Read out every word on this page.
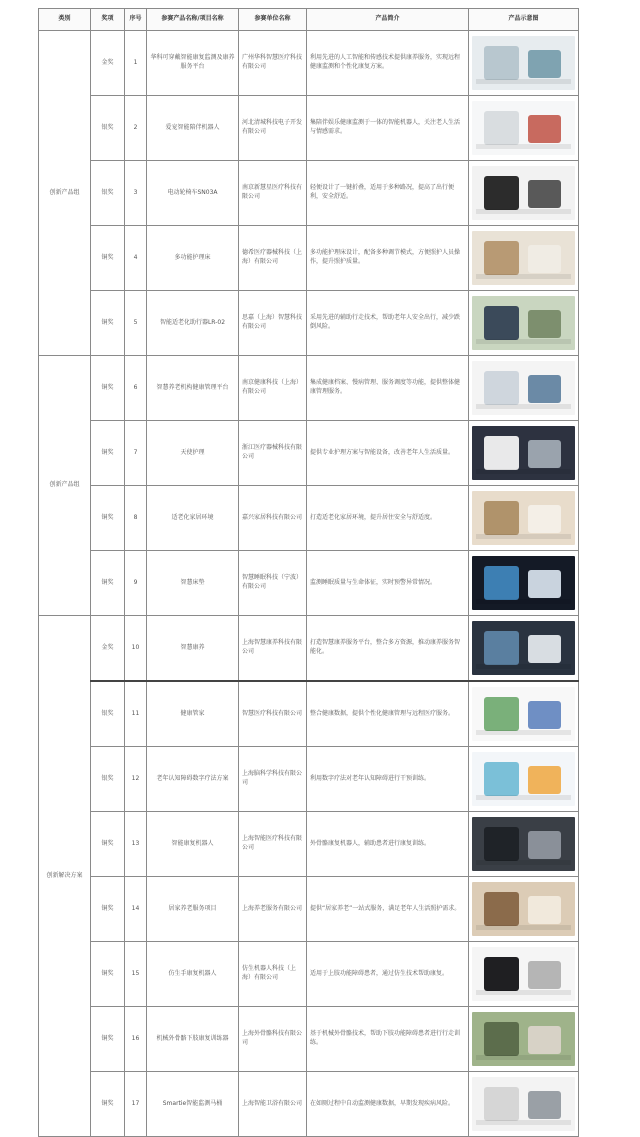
类别	奖项	序号	参赛产品名称/项目名称	参赛单位名称	产品简介	产品示意图
创新产品组	金奖	1	华科可穿戴智能康复监测及康养服务平台	广州华科智慧医疗科技有限公司	利用先进的人工智能和传感技术提供康养服务，实现远程健康监测和个性化康复方案。	

	银奖	2	爱宠智能陪伴机器人	河北清城科技电子开发有限公司	集陪伴娱乐健康监测于一体的智能机器人，关注老人生活与情感需求。	

	银奖	3	电动轮椅车SN03A	南京新慧星医疗科技有限公司	轻便设计了一键折叠，适用于多种路况，提高了出行便利，安全舒适。	

	铜奖	4	多功能护理床	德希医疗器械科技（上海）有限公司	多功能护理床设计，配备多种调节模式，方便照护人员操作，提升照护质量。	

	铜奖	5	智能适老化助行器LR-02	思嘉（上海）智慧科技有限公司	采用先进的辅助行走技术，帮助老年人安全出行，减少跌倒风险。	

创新产品组	铜奖	6	智慧养老机构健康管理平台	南京健康科技（上海）有限公司	集成健康档案、慢病管理、服务调度等功能，提供整体健康管理服务。	

	铜奖	7	天使护理	浙江医疗器械科技有限公司	提供专业护理方案与智能设备，改善老年人生活质量。	

	铜奖	8	适老化家居环境	嘉兴家居科技有限公司	打造适老化家居环境，提升居住安全与舒适度。	

	铜奖	9	智慧床垫	智慧睡眠科技（宁波）有限公司	监测睡眠质量与生命体征，实时预警异常情况。	

创新解决方案	金奖	10	智慧康养	上海智慧康养科技有限公司	打造智慧康养服务平台，整合多方资源，推动康养服务智能化。	

	银奖	11	健康管家	智慧医疗科技有限公司	整合健康数据，提供个性化健康管理与远程医疗服务。	

	银奖	12	老年认知障碍数字疗法方案	上海脑科学科技有限公司	利用数字疗法对老年认知障碍进行干预训练。	

	铜奖	13	智能康复机器人	上海智能医疗科技有限公司	外骨骼康复机器人，辅助患者进行康复训练。	

	铜奖	14	居家养老服务项目	上海养老服务有限公司	提供“居家养老”一站式服务，满足老年人生活照护需求。	

	铜奖	15	仿生手康复机器人	仿生机器人科技（上海）有限公司	适用于上肢功能障碍患者，通过仿生技术帮助康复。	

	铜奖	16	机械外骨骼下肢康复训练器	上海外骨骼科技有限公司	基于机械外骨骼技术，帮助下肢功能障碍患者进行行走训练。	

	铜奖	17	Smartie智能监测马桶	上海智能卫浴有限公司	在如厕过程中自动监测健康数据，早期发现疾病风险。	
